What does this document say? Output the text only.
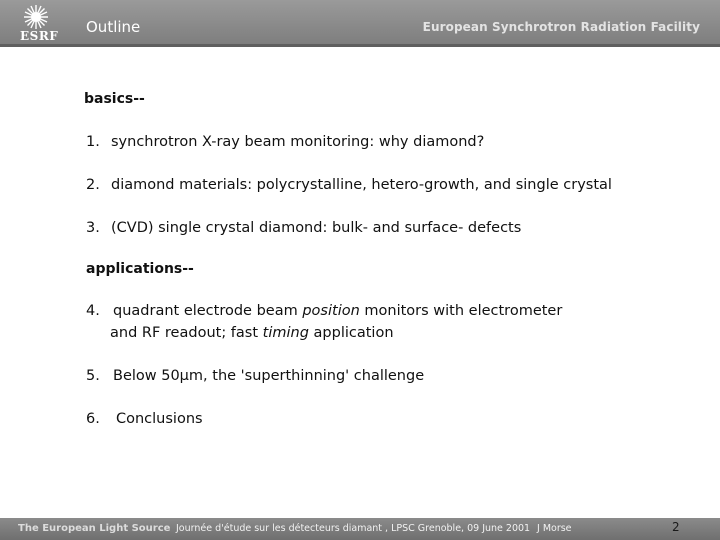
ESRF Outline	European Synchrotron Radiation Facility
basics--
1. synchrotron X-ray beam monitoring: why diamond?
2. diamond materials: polycrystalline, hetero-growth, and single crystal
3. (CVD) single crystal diamond: bulk- and surface- defects
applications--
4. quadrant electrode beam position monitors with electrometer
and RF readout; fast timing application
5. Below 50μm, the 'superthinning' challenge
6. Conclusions
The European Light Source Journée d'étude sur les détecteurs diamant , LPSC Grenoble, 09 June 2001 J Morse	2
